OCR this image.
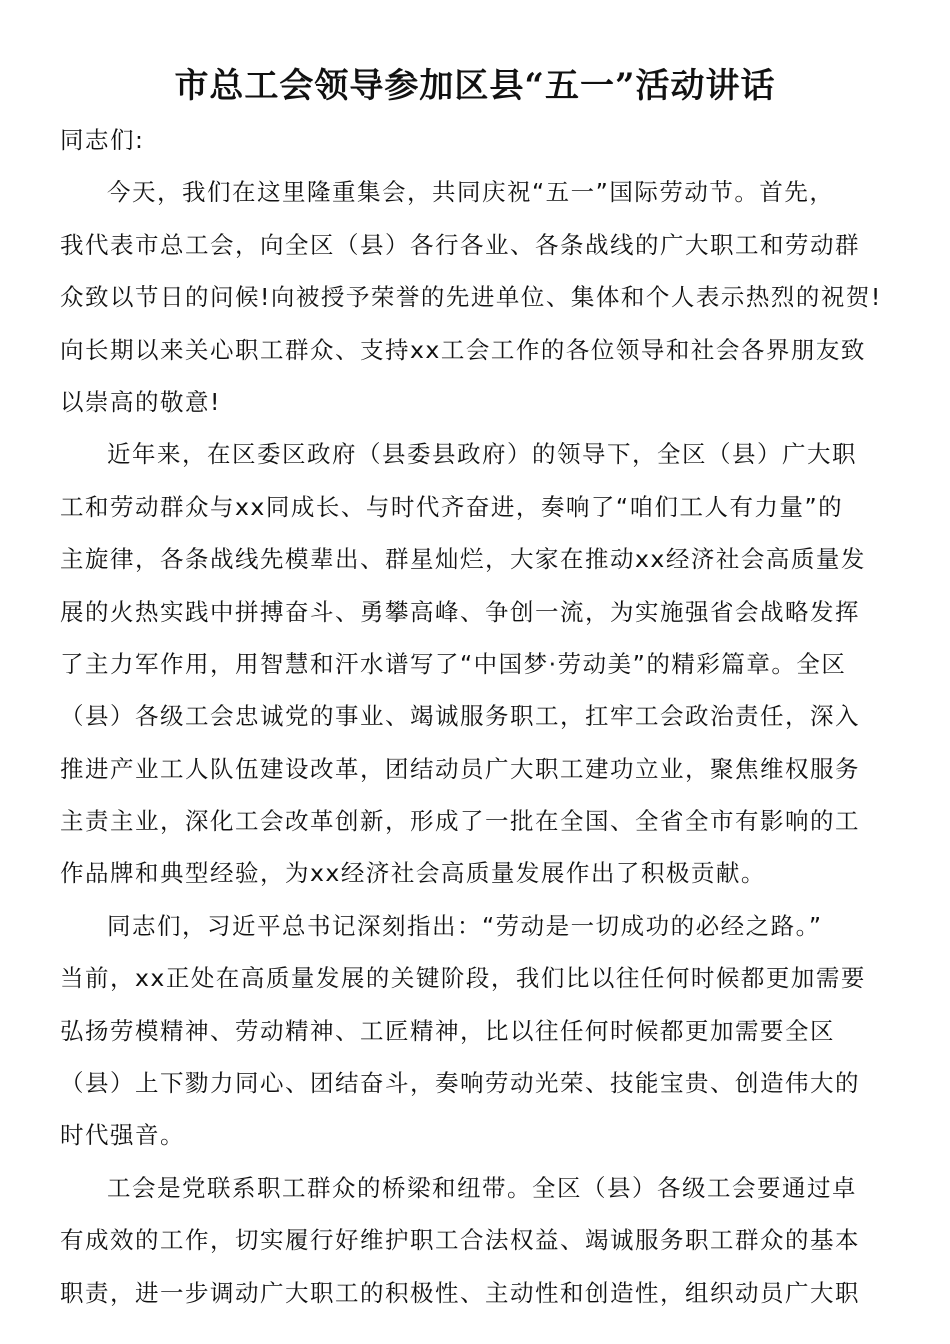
市总工会领导参加区县“五一”活动讲话

同志们:

今天，我们在这里隆重集会，共同庆祝“五一”国际劳动节。首先，
我代表市总工会，向全区（县）各行各业、各条战线的广大职工和劳动群
众致以节日的问候!向被授予荣誉的先进单位、集体和个人表示热烈的祝贺!
向长期以来关心职工群众、支持xx工会工作的各位领导和社会各界朋友致
以崇高的敬意!
近年来，在区委区政府（县委县政府）的领导下，全区（县）广大职
工和劳动群众与xx同成长、与时代齐奋进，奏响了“咱们工人有力量”的
主旋律，各条战线先模辈出、群星灿烂，大家在推动xx经济社会高质量发
展的火热实践中拼搏奋斗、勇攀高峰、争创一流，为实施强省会战略发挥
了主力军作用，用智慧和汗水谱写了“中国梦·劳动美”的精彩篇章。全区
（县）各级工会忠诚党的事业、竭诚服务职工，扛牢工会政治责任，深入
推进产业工人队伍建设改革，团结动员广大职工建功立业，聚焦维权服务
主责主业，深化工会改革创新，形成了一批在全国、全省全市有影响的工
作品牌和典型经验，为xx经济社会高质量发展作出了积极贡献。
同志们，习近平总书记深刻指出：“劳动是一切成功的必经之路。”
当前，xx正处在高质量发展的关键阶段，我们比以往任何时候都更加需要
弘扬劳模精神、劳动精神、工匠精神，比以往任何时候都更加需要全区
（县）上下勠力同心、团结奋斗，奏响劳动光荣、技能宝贵、创造伟大的
时代强音。
工会是党联系职工群众的桥梁和纽带。全区（县）各级工会要通过卓
有成效的工作，切实履行好维护职工合法权益、竭诚服务职工群众的基本
职责，进一步调动广大职工的积极性、主动性和创造性，组织动员广大职
